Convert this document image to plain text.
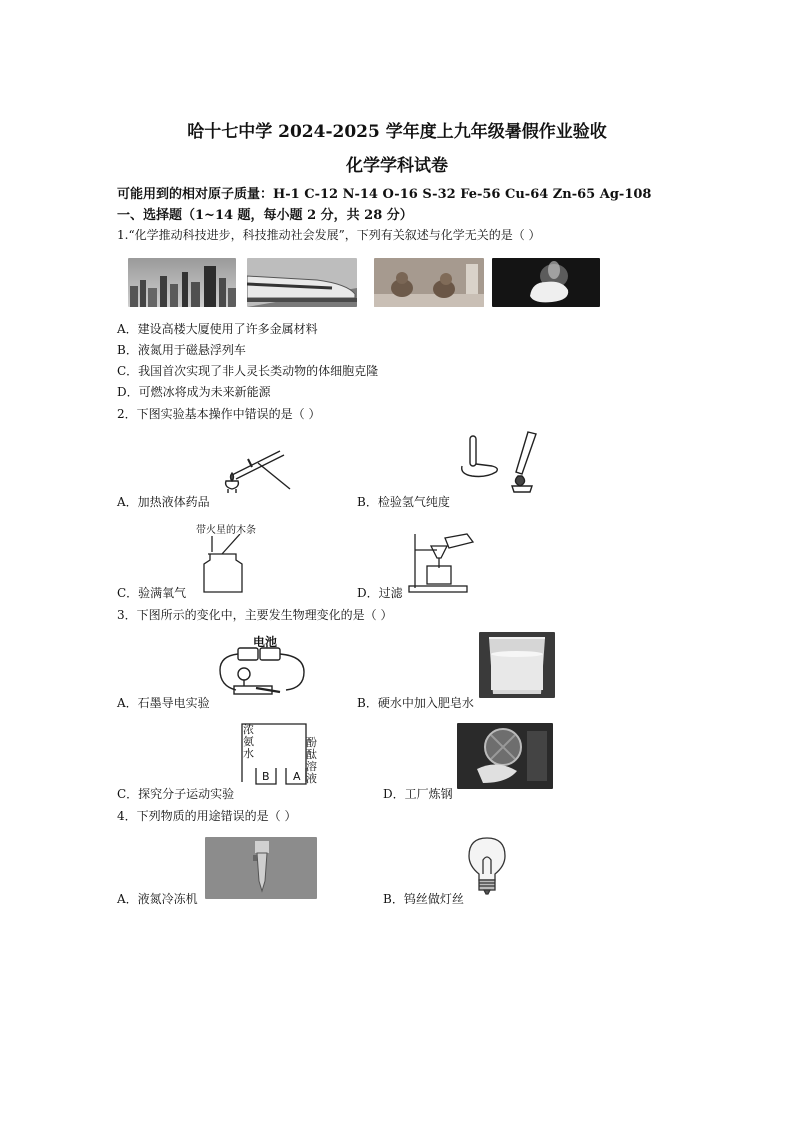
哈十七中学 2024-2025 学年度上九年级暑假作业验收
化学学科试卷
可能用到的相对原子质量：H-1 C-12 N-14 O-16 S-32 Fe-56 Cu-64 Zn-65 Ag-108
一、选择题（1~14 题，每小题 2 分，共 28 分）
1.“化学推动科技进步，科技推动社会发展”，下列有关叙述与化学无关的是（ ）
A．建设高楼大厦使用了许多金属材料
B．液氮用于磁悬浮列车
C．我国首次实现了非人灵长类动物的体细胞克隆
D．可燃冰将成为未来新能源
2．下图实验基本操作中错误的是（ ）
A．加热液体药品	B．检验氢气纯度
带火星的木条
C．验满氧气	D．过滤
3．下图所示的变化中，主要发生物理变化的是（ ）
电池
A．石墨导电实验	B．硬水中加入肥皂水
浓
氨
水
酚
酞
溶
液
B A
C．探究分子运动实验	D．工厂炼钢
4．下列物质的用途错误的是（ ）
A．液氮冷冻机	B．钨丝做灯丝
